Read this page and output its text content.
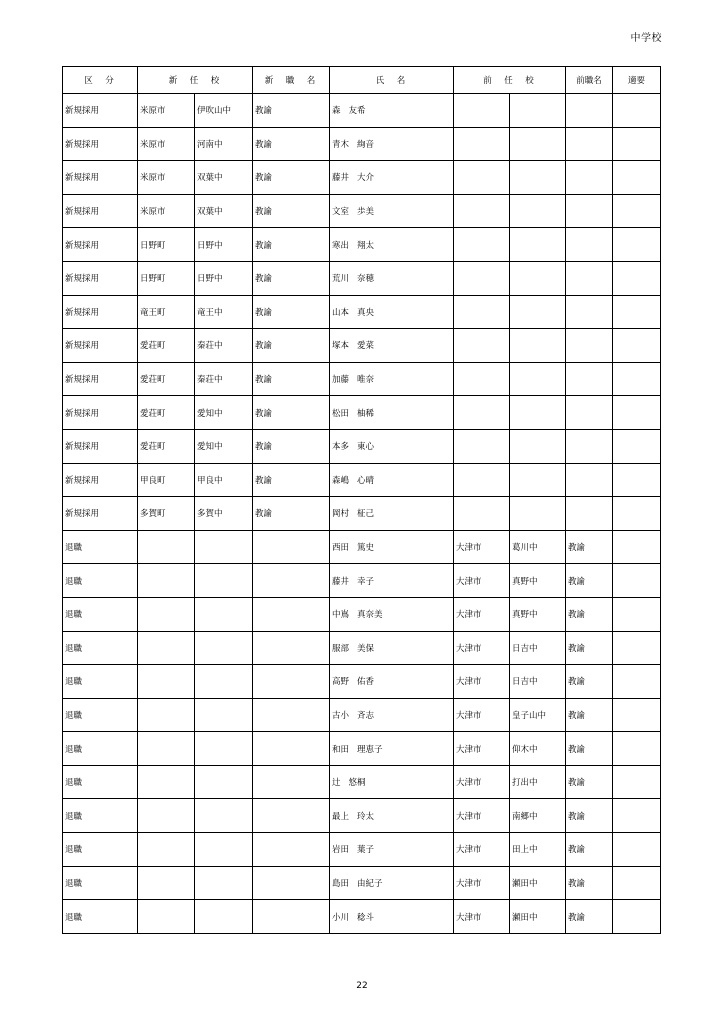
中学校
区　分	新　任　校		新　職　名	氏　名	前　任　校		前職名	適要
新規採用	米原市	伊吹山中	教諭	森 友希				
新規採用	米原市	河南中	教諭	青木 絢音				
新規採用	米原市	双葉中	教諭	藤井 大介				
新規採用	米原市	双葉中	教諭	文室 歩美				
新規採用	日野町	日野中	教諭	寒出 翔太				
新規採用	日野町	日野中	教諭	荒川 奈穂				
新規採用	竜王町	竜王中	教諭	山本 真央				
新規採用	愛荘町	秦荘中	教諭	塚本 愛菜				
新規採用	愛荘町	秦荘中	教諭	加藤 唯奈				
新規採用	愛荘町	愛知中	教諭	松田 柚稀				
新規採用	愛荘町	愛知中	教諭	本多 東心				
新規採用	甲良町	甲良中	教諭	森嶋 心晴				
新規採用	多賀町	多賀中	教諭	岡村 柾己				
退職				西田 篤史	大津市	葛川中	教諭	
退職				藤井 幸子	大津市	真野中	教諭	
退職				中嶌 真奈美	大津市	真野中	教諭	
退職				服部 美保	大津市	日吉中	教諭	
退職				高野 佑香	大津市	日吉中	教諭	
退職				古小 斉志	大津市	皇子山中	教諭	
退職				和田 理恵子	大津市	仰木中	教諭	
退職				辻 悠桐	大津市	打出中	教諭	
退職				最上 玲太	大津市	南郷中	教諭	
退職				岩田 葉子	大津市	田上中	教諭	
退職				島田 由紀子	大津市	瀬田中	教諭	
退職				小川 稔斗	大津市	瀬田中	教諭	
22
